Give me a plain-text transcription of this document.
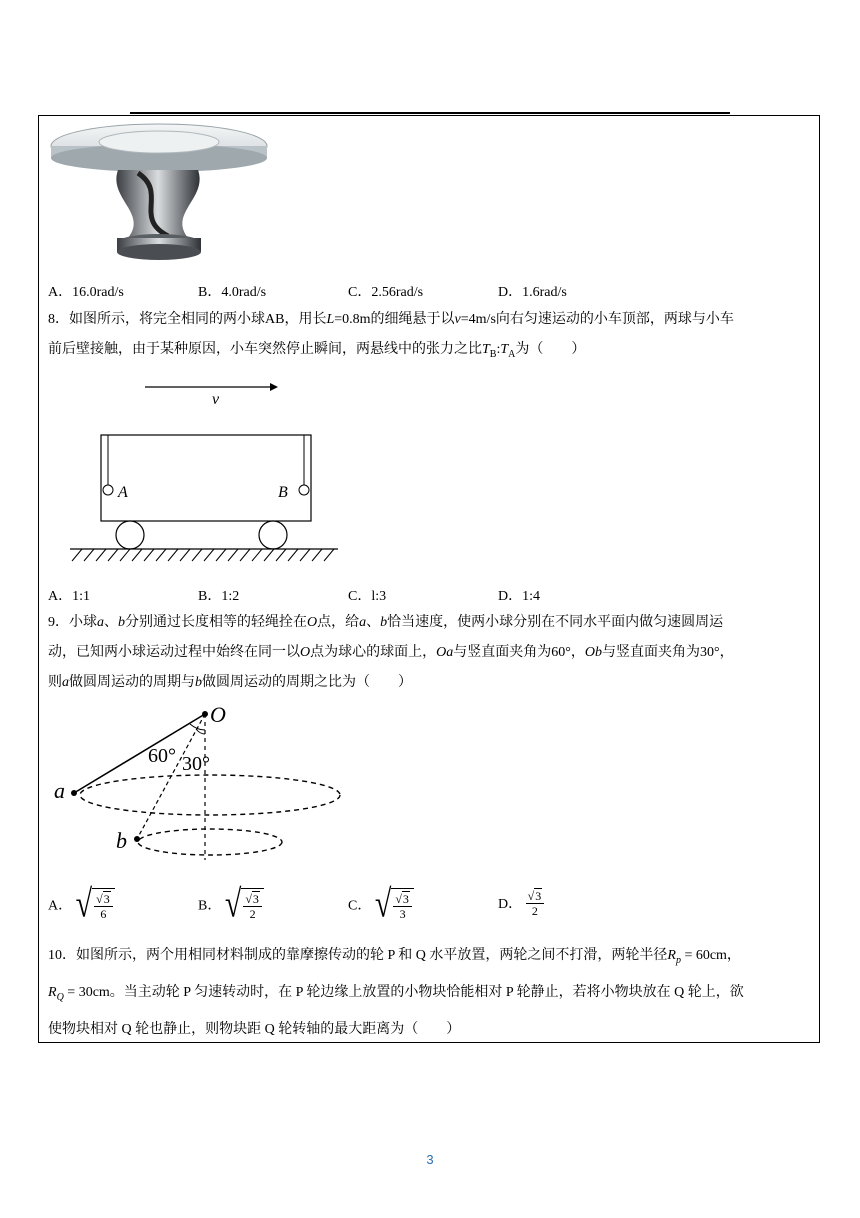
A．16.0rad/s	B．4.0rad/s	C．2.56rad/s	D．1.6rad/s
8．如图所示，将完全相同的两小球AB，用长L=0.8m的细绳悬于以v=4m/s向右匀速运动的小车顶部，两球与小车
前后壁接触，由于某种原因，小车突然停止瞬间，两悬线中的张力之比$T_B:T_A$为（　　）
v
A	B
A．1:1	B．1:2	C．l:3	D．1:4
9．小球a、b分别通过长度相等的轻绳拴在O点，给a、b恰当速度，使两小球分别在不同水平面内做匀速圆周运
动，已知两小球运动过程中始终在同一以O点为球心的球面上，Oa与竖直面夹角为60°，Ob与竖直面夹角为30°，
则a做圆周运动的周期与b做圆周运动的周期之比为（　　）
O
60° 30°
a
b
A． √ $\frac{√3}{6}$	B． √ $\frac{√3}{2}$	C． √ $\frac{√3}{3}$	D． $\frac{√3}{2}$
10．如图所示，两个用相同材料制成的靠摩擦传动的轮 P 和 Q 水平放置，两轮之间不打滑，两轮半径$R_p = 60cm$，
$R_Q = 30cm$。当主动轮 P 匀速转动时，在 P 轮边缘上放置的小物块恰能相对 P 轮静止，若将小物块放在 Q 轮上，欲
使物块相对 Q 轮也静止，则物块距 Q 轮转轴的最大距离为（　　）
3
